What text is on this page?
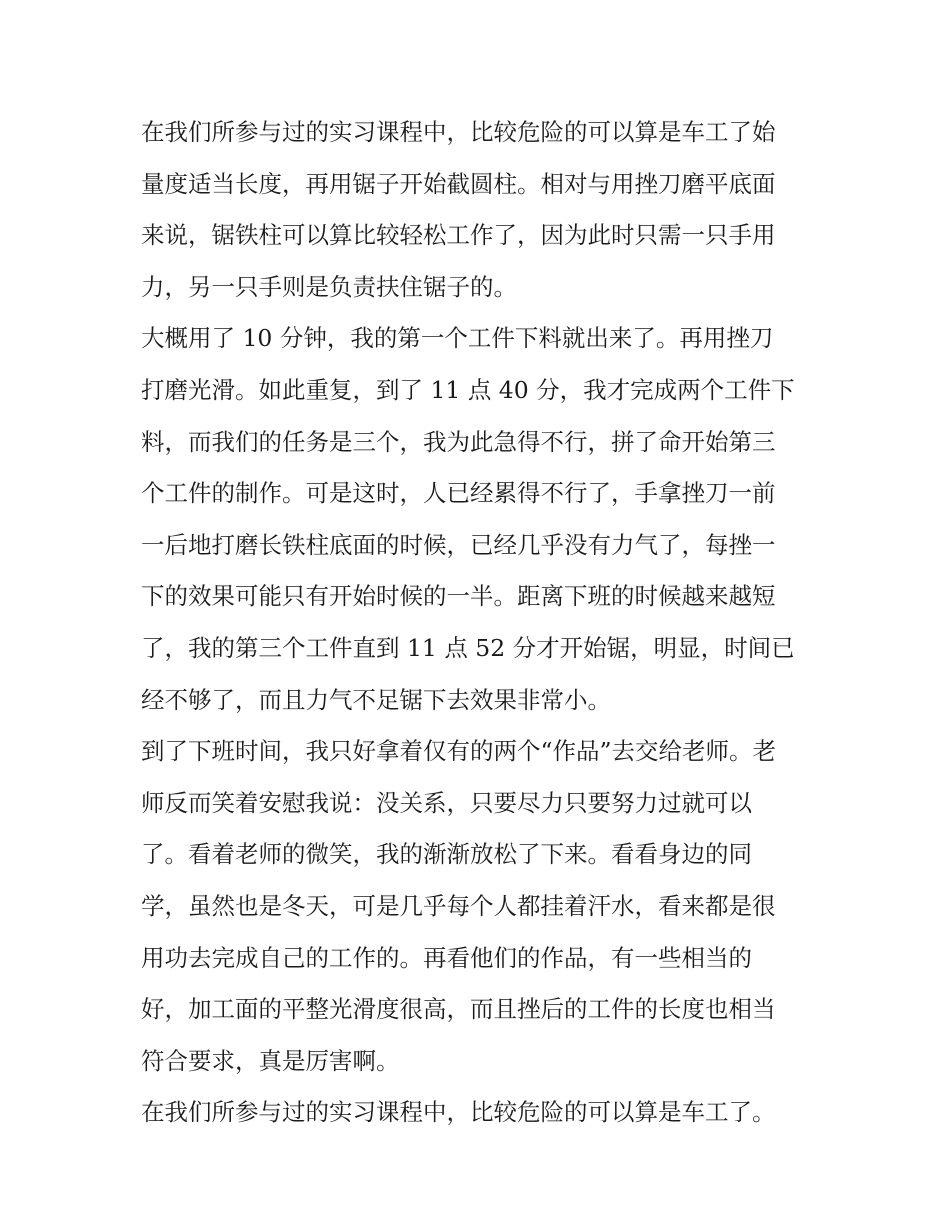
在我们所参与过的实习课程中，比较危险的可以算是车工了始
量度适当长度，再用锯子开始截圆柱。相对与用挫刀磨平底面
来说，锯铁柱可以算比较轻松工作了，因为此时只需一只手用
力，另一只手则是负责扶住锯子的。
大概用了 10 分钟，我的第一个工件下料就出来了。再用挫刀
打磨光滑。如此重复，到了 11 点 40 分，我才完成两个工件下
料，而我们的任务是三个，我为此急得不行，拼了命开始第三
个工件的制作。可是这时，人已经累得不行了，手拿挫刀一前
一后地打磨长铁柱底面的时候，已经几乎没有力气了，每挫一
下的效果可能只有开始时候的一半。距离下班的时候越来越短
了，我的第三个工件直到 11 点 52 分才开始锯，明显，时间已
经不够了，而且力气不足锯下去效果非常小。
到了下班时间，我只好拿着仅有的两个“作品”去交给老师。老
师反而笑着安慰我说：没关系，只要尽力只要努力过就可以
了。看着老师的微笑，我的渐渐放松了下来。看看身边的同
学，虽然也是冬天，可是几乎每个人都挂着汗水，看来都是很
用功去完成自己的工作的。再看他们的作品，有一些相当的
好，加工面的平整光滑度很高，而且挫后的工件的长度也相当
符合要求，真是厉害啊。
在我们所参与过的实习课程中，比较危险的可以算是车工了。
